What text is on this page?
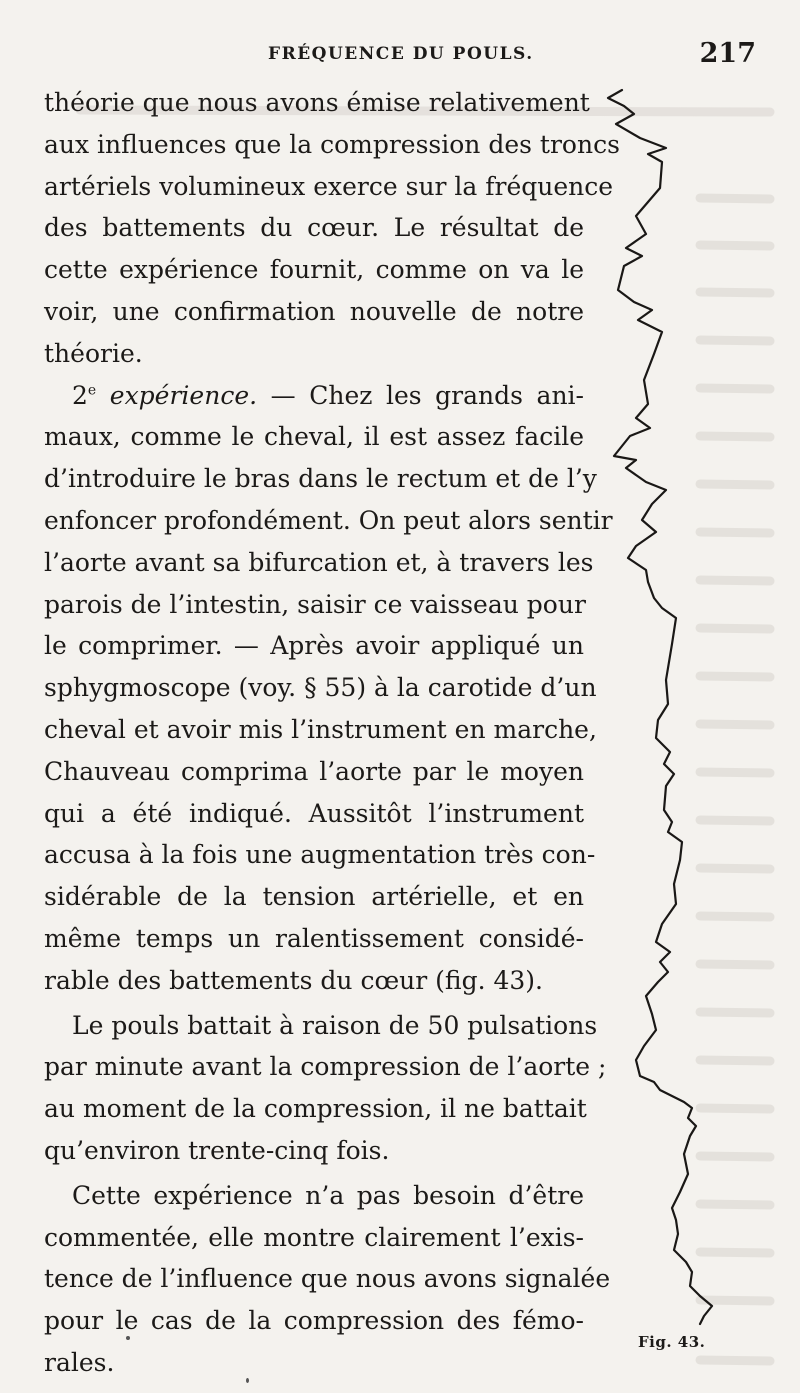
FRÉQUENCE DU POULS.	217
théorie que nous avons émise relativement
aux influences que la compression des troncs
artériels volumineux exerce sur la fréquence
des battements du cœur. Le résultat de
cette expérience fournit, comme on va le
voir, une confirmation nouvelle de notre
théorie.
2e expérience. — Chez les grands ani-
maux, comme le cheval, il est assez facile
d’introduire le bras dans le rectum et de l’y
enfoncer profondément. On peut alors sentir
l’aorte avant sa bifurcation et, à travers les
parois de l’intestin, saisir ce vaisseau pour
le comprimer. — Après avoir appliqué un
sphygmoscope (voy. § 55) à la carotide d’un
cheval et avoir mis l’instrument en marche,
Chauveau comprima l’aorte par le moyen
qui a été indiqué. Aussitôt l’instrument
accusa à la fois une augmentation très con-
sidérable de la tension artérielle, et en
même temps un ralentissement considé-
rable des battements du cœur (fig. 43).
Le pouls battait à raison de 50 pulsations
par minute avant la compression de l’aorte ;
au moment de la compression, il ne battait
qu’environ trente-cinq fois.
Cette expérience n’a pas besoin d’être
commentée, elle montre clairement l’exis-
tence de l’influence que nous avons signalée
pour le cas de la compression des fémo-
rales.
Fig. 43.
